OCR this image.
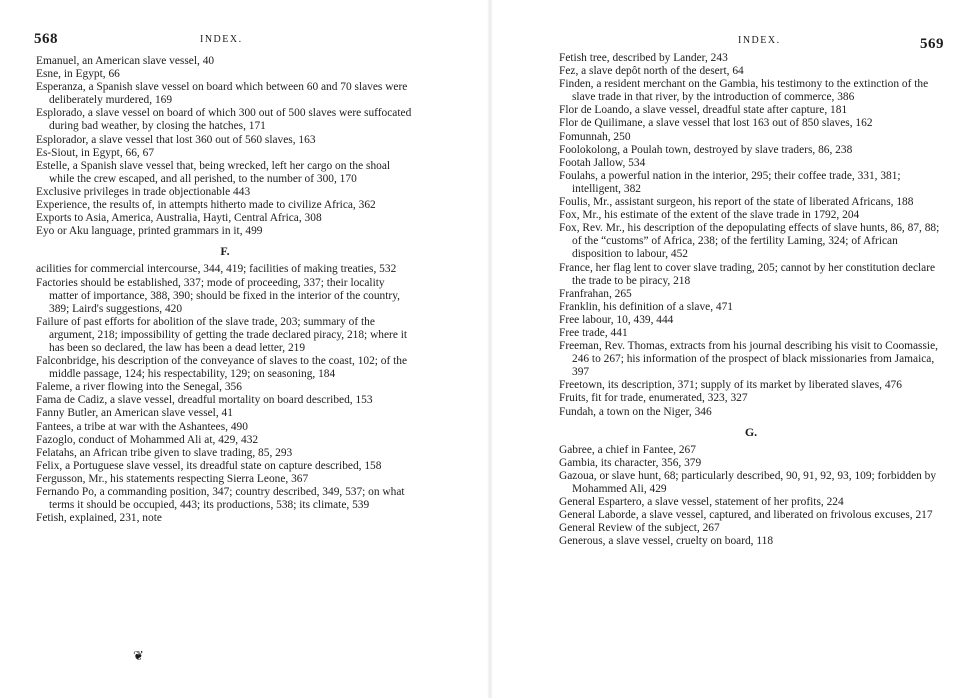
568	INDEX.

Emanuel, an American slave vessel, 40

Esne, in Egypt, 66

Esperanza, a Spanish slave vessel on board which between 60 and 70 slaves were deliberately murdered, 169

Esplorado, a slave vessel on board of which 300 out of 500 slaves were suffocated during bad weather, by closing the hatches, 171

Esplorador, a slave vessel that lost 360 out of 560 slaves, 163

Es-Siout, in Egypt, 66, 67

Estelle, a Spanish slave vessel that, being wrecked, left her cargo on the shoal while the crew escaped, and all perished, to the number of 300, 170

Exclusive privileges in trade objectionable 443

Experience, the results of, in attempts hitherto made to civilize Africa, 362

Exports to Asia, America, Australia, Hayti, Central Africa, 308

Eyo or Aku language, printed grammars in it, 499

F.

acilities for commercial intercourse, 344, 419; facilities of making treaties, 532

Factories should be established, 337; mode of proceeding, 337; their locality matter of importance, 388, 390; should be fixed in the interior of the country, 389; Laird's suggestions, 420

Failure of past efforts for abolition of the slave trade, 203; summary of the argument, 218; impossibility of getting the trade declared piracy, 218; where it has been so declared, the law has been a dead letter, 219

Falconbridge, his description of the conveyance of slaves to the coast, 102; of the middle passage, 124; his respectability, 129; on seasoning, 184

Faleme, a river flowing into the Senegal, 356

Fama de Cadiz, a slave vessel, dreadful mortality on board described, 153

Fanny Butler, an American slave vessel, 41

Fantees, a tribe at war with the Ashantees, 490

Fazoglo, conduct of Mohammed Ali at, 429, 432

Felatahs, an African tribe given to slave trading, 85, 293

Felix, a Portuguese slave vessel, its dreadful state on capture described, 158

Fergusson, Mr., his statements respecting Sierra Leone, 367

Fernando Po, a commanding position, 347; country described, 349, 537; on what terms it should be occupied, 443; its productions, 538; its climate, 539

Fetish, explained, 231, note

❦
569
INDEX.

Fetish tree, described by Lander, 243

Fez, a slave depôt north of the desert, 64

Finden, a resident merchant on the Gambia, his testimony to the extinction of the slave trade in that river, by the introduction of commerce, 386

Flor de Loando, a slave vessel, dreadful state after capture, 181

Flor de Quilimane, a slave vessel that lost 163 out of 850 slaves, 162

Fomunnah, 250

Foolokolong, a Poulah town, destroyed by slave traders, 86, 238

Footah Jallow, 534

Foulahs, a powerful nation in the interior, 295; their coffee trade, 331, 381; intelligent, 382

Foulis, Mr., assistant surgeon, his report of the state of liberated Africans, 188

Fox, Mr., his estimate of the extent of the slave trade in 1792, 204

Fox, Rev. Mr., his description of the depopulating effects of slave hunts, 86, 87, 88; of the “customs” of Africa, 238; of the fertility Laming, 324; of African disposition to labour, 452

France, her flag lent to cover slave trading, 205; cannot by her constitution declare the trade to be piracy, 218

Franfrahan, 265

Franklin, his definition of a slave, 471

Free labour, 10, 439, 444

Free trade, 441

Freeman, Rev. Thomas, extracts from his journal describing his visit to Coomassie, 246 to 267; his information of the prospect of black missionaries from Jamaica, 397

Freetown, its description, 371; supply of its market by liberated slaves, 476

Fruits, fit for trade, enumerated, 323, 327

Fundah, a town on the Niger, 346

G.

Gabree, a chief in Fantee, 267

Gambia, its character, 356, 379

Gazoua, or slave hunt, 68; particularly described, 90, 91, 92, 93, 109; forbidden by Mohammed Ali, 429

General Espartero, a slave vessel, statement of her profits, 224

General Laborde, a slave vessel, captured, and liberated on frivolous excuses, 217

General Review of the subject, 267

Generous, a slave vessel, cruelty on board, 118
